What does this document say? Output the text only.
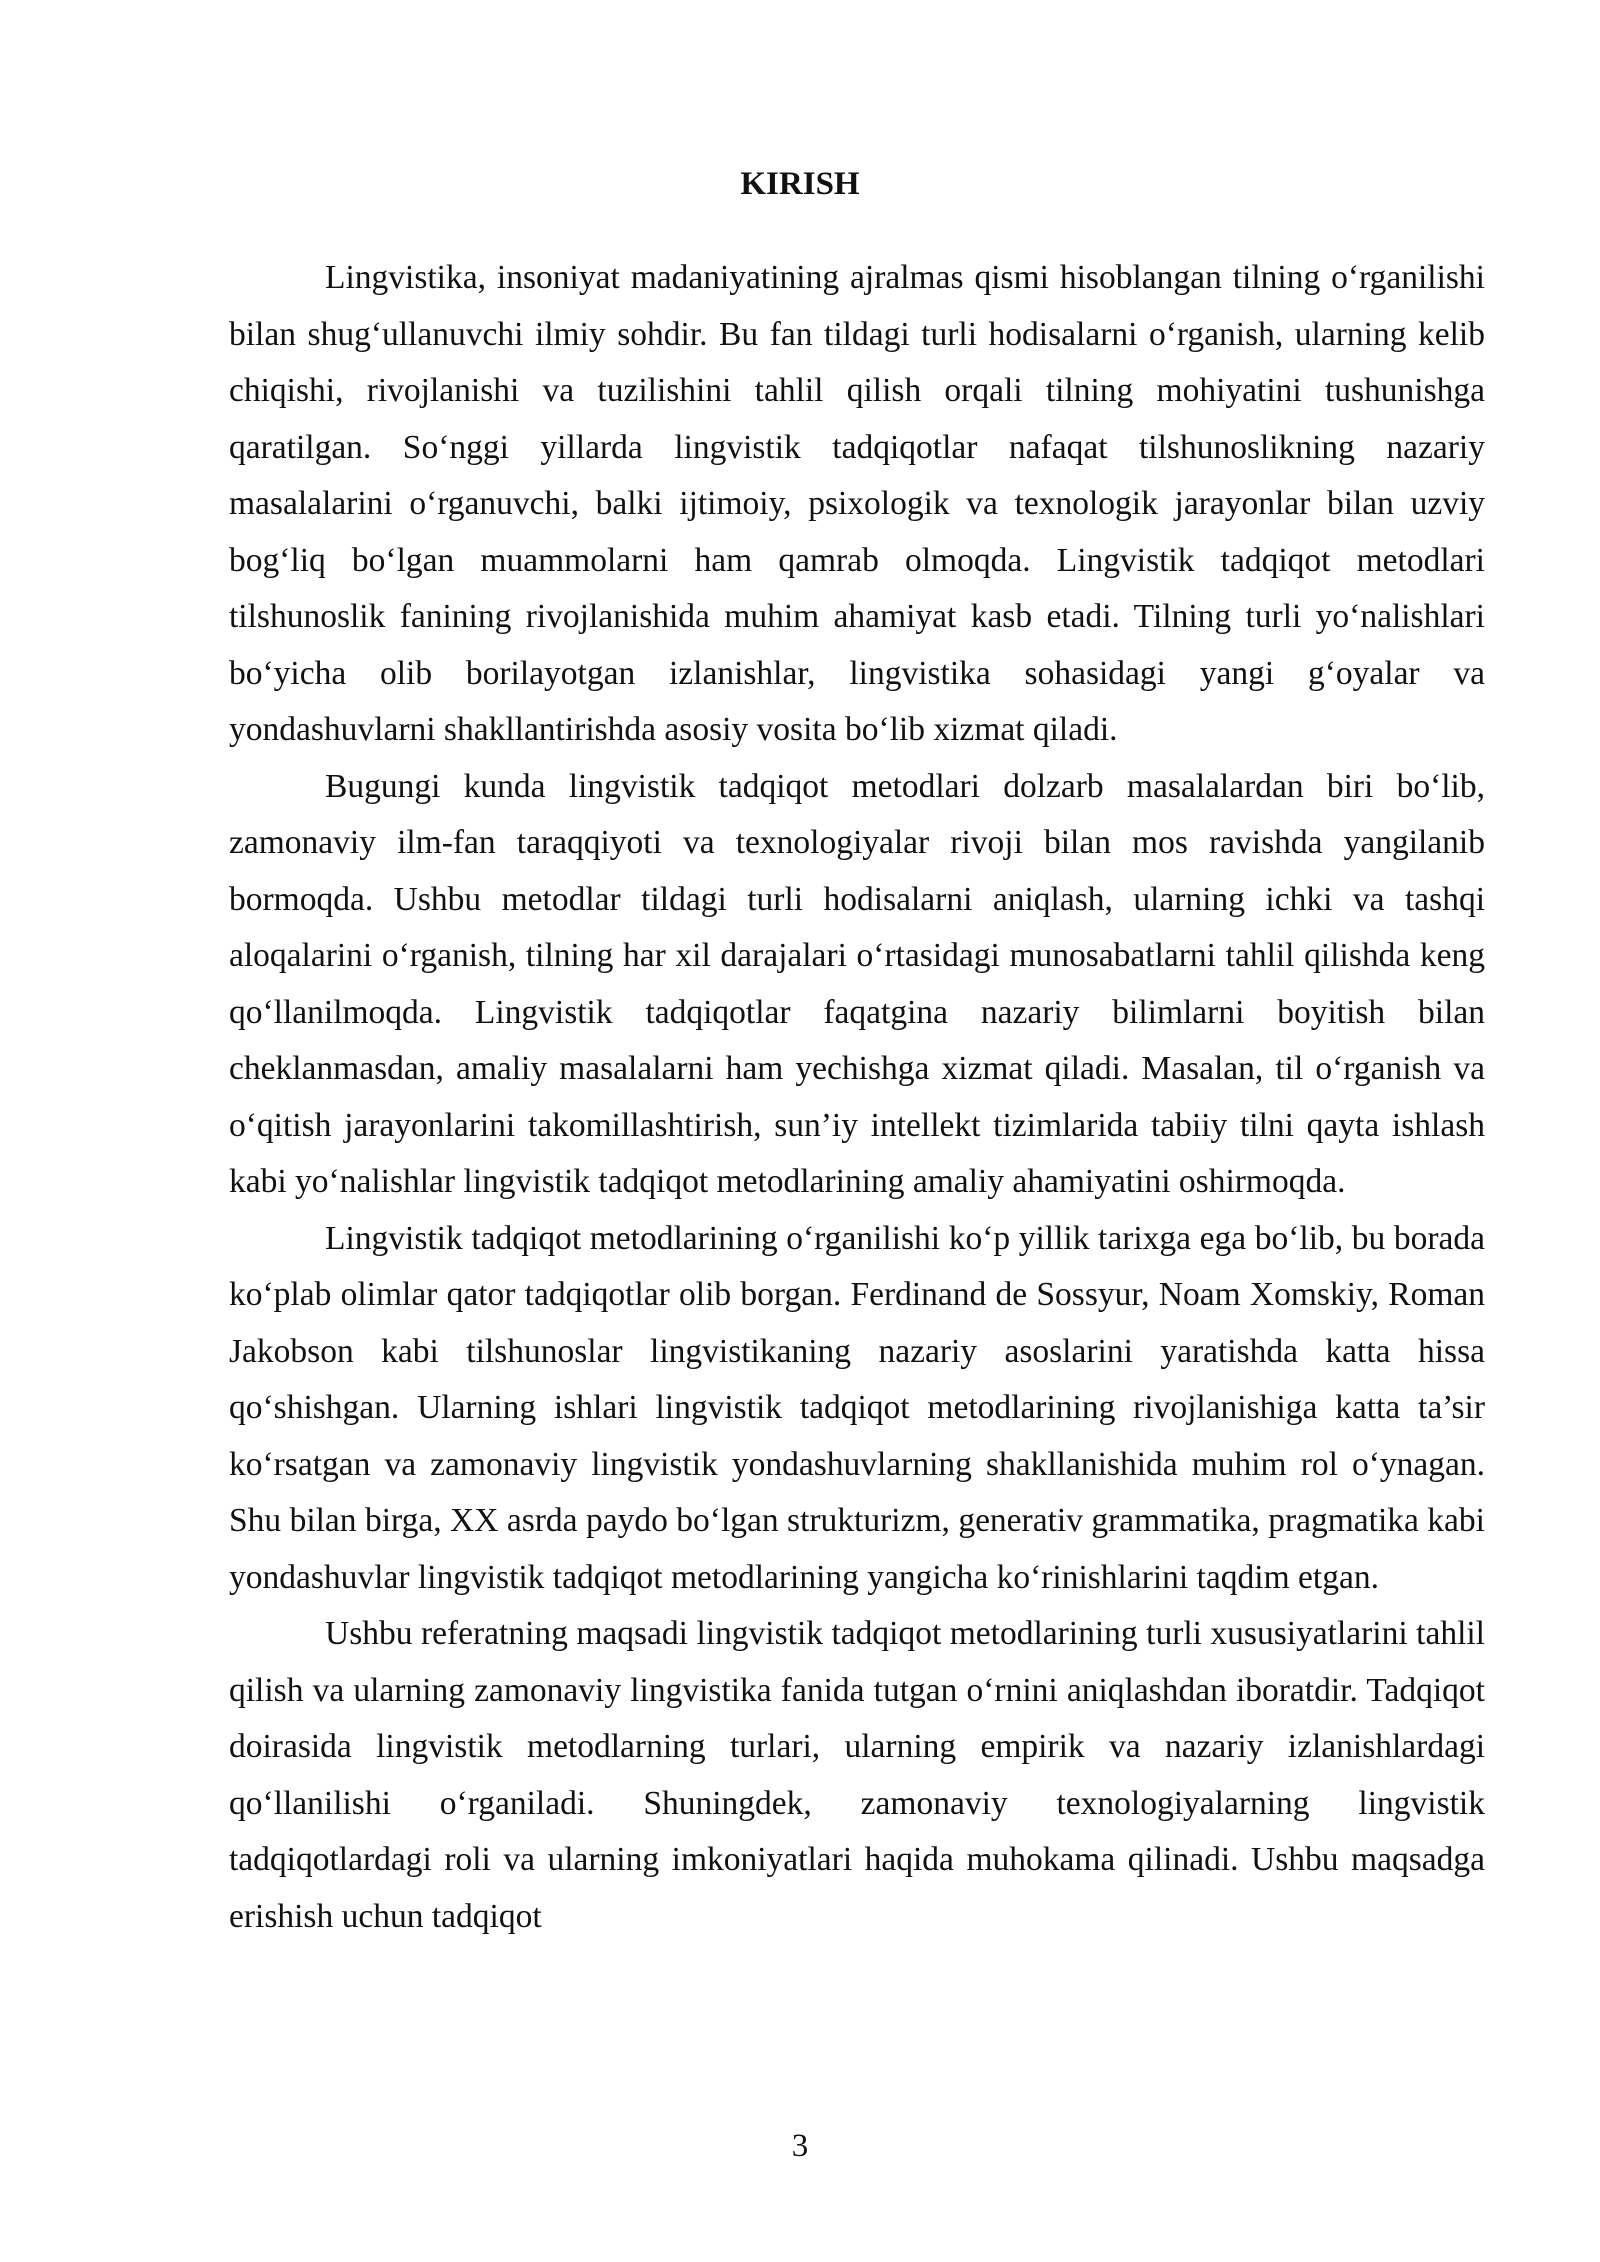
KIRISH

Lingvistika, insoniyat madaniyatining ajralmas qismi hisoblangan tilning o‘rganilishi bilan shug‘ullanuvchi ilmiy sohdir. Bu fan tildagi turli hodisalarni o‘rganish, ularning kelib chiqishi, rivojlanishi va tuzilishini tahlil qilish orqali tilning mohiyatini tushunishga qaratilgan. So‘nggi yillarda lingvistik tadqiqotlar nafaqat tilshunoslikning nazariy masalalarini o‘rganuvchi, balki ijtimoiy, psixologik va texnologik jarayonlar bilan uzviy bog‘liq bo‘lgan muammolarni ham qamrab olmoqda. Lingvistik tadqiqot metodlari tilshunoslik fanining rivojlanishida muhim ahamiyat kasb etadi. Tilning turli yo‘nalishlari bo‘yicha olib borilayotgan izlanishlar, lingvistika sohasidagi yangi g‘oyalar va yondashuvlarni shakllantirishda asosiy vosita bo‘lib xizmat qiladi.

Bugungi kunda lingvistik tadqiqot metodlari dolzarb masalalardan biri bo‘lib, zamonaviy ilm-fan taraqqiyoti va texnologiyalar rivoji bilan mos ravishda yangilanib bormoqda. Ushbu metodlar tildagi turli hodisalarni aniqlash, ularning ichki va tashqi aloqalarini o‘rganish, tilning har xil darajalari o‘rtasidagi munosabatlarni tahlil qilishda keng qo‘llanilmoqda. Lingvistik tadqiqotlar faqatgina nazariy bilimlarni boyitish bilan cheklanmasdan, amaliy masalalarni ham yechishga xizmat qiladi. Masalan, til o‘rganish va o‘qitish jarayonlarini takomillashtirish, sun’iy intellekt tizimlarida tabiiy tilni qayta ishlash kabi yo‘nalishlar lingvistik tadqiqot metodlarining amaliy ahamiyatini oshirmoqda.

Lingvistik tadqiqot metodlarining o‘rganilishi ko‘p yillik tarixga ega bo‘lib, bu borada ko‘plab olimlar qator tadqiqotlar olib borgan. Ferdinand de Sossyur, Noam Xomskiy, Roman Jakobson kabi tilshunoslar lingvistikaning nazariy asoslarini yaratishda katta hissa qo‘shishgan. Ularning ishlari lingvistik tadqiqot metodlarining rivojlanishiga katta ta’sir ko‘rsatgan va zamonaviy lingvistik yondashuvlarning shakllanishida muhim rol o‘ynagan. Shu bilan birga, XX asrda paydo bo‘lgan strukturizm, generativ grammatika, pragmatika kabi yondashuvlar lingvistik tadqiqot metodlarining yangicha ko‘rinishlarini taqdim etgan.

Ushbu referatning maqsadi lingvistik tadqiqot metodlarining turli xususiyatlarini tahlil qilish va ularning zamonaviy lingvistika fanida tutgan o‘rnini aniqlashdan iboratdir. Tadqiqot doirasida lingvistik metodlarning turlari, ularning empirik va nazariy izlanishlardagi qo‘llanilishi o‘rganiladi. Shuningdek, zamonaviy texnologiyalarning lingvistik tadqiqotlardagi roli va ularning imkoniyatlari haqida muhokama qilinadi. Ushbu maqsadga erishish uchun tadqiqot

3
